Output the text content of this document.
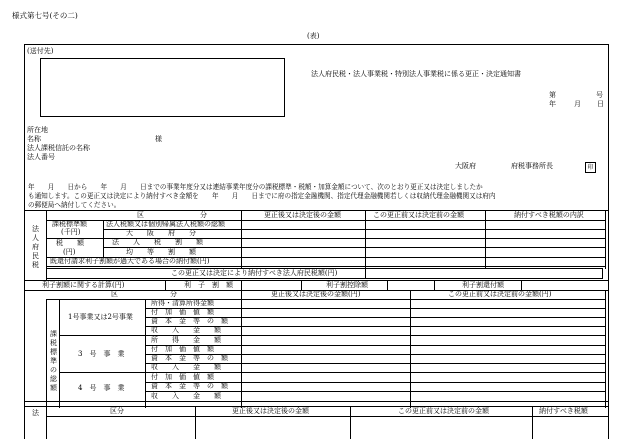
様式第七号(その二)
(表)
(送付先)
法人府民税・法人事業税・特別法人事業税に係る更正・決定通知書
第	号
年	月 日
所在地
名称	様
法人課税信託の名称
法人番号
大阪府	府税事務所長	印
年　　月　　日から　　年　　月　　日までの事業年度分又は連結事業年度分の課税標準・税額・加算金額について、次のとおり更正又は決定しましたか
も通知します。この更正又は決定により納付すべき金額を　　年　　月　　日までに府の指定金融機関、指定代理金融機関若しくは収納代理金融機関又は府内
の郵便局へ納付してください。
法
人
府
民
税
区	分	更正後又は決定後の金額	この更正前又は決定前の金額	納付すべき税額の内訳
課税標準額
(千円)
税　　額
(円)
法人税額又は個別帰属法人税額の総額
大　　阪　　府　　分
法　　人　　税　　割　　額
均　　等　　割　　額
既還付請求利子割額が過大である場合の納付額(円)
この更正又は決定により納付すべき法人府民税額(円)
利子割額に関する計算(円)	利　子　割　額	利子割控除額	利子割還付額
区	分	更正後又は決定後の金額(円)	この更正前又は決定前の金額(円)
課
税
標
準
の
総
額
1号事業又は2号事業
所得・清算所得金額
付　加　価　値　額
資　本　金　等　の　額
収　　入　　金　　額
3　号　事　業
所　　得　　金　　額
付　加　価　値　額
資　本　金　等　の　額
収　　入　　金　　額
4　号　事　業
付　加　価　値　額
資　本　金　等　の　額
収　　入　　金　　額
法	区分	更正後又は決定後の金額	この更正前又は決定前の金額	納付すべき税額
